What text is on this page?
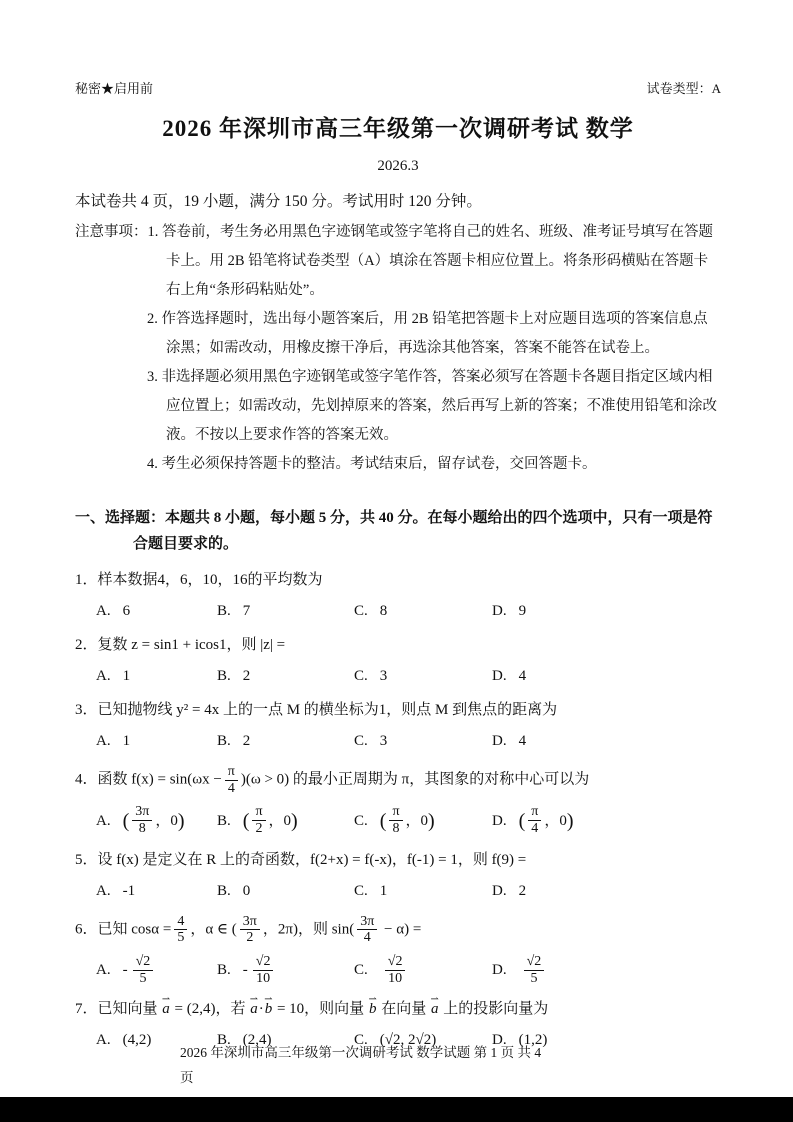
秘密★启用前	试卷类型：A
2026 年深圳市高三年级第一次调研考试 数学
2026.3
本试卷共 4 页，19 小题，满分 150 分。考试用时 120 分钟。
注意事项：1. 答卷前，考生务必用黑色字迹钢笔或签字笔将自己的姓名、班级、准考证号填写在答题卡上。用 2B 铅笔将试卷类型（A）填涂在答题卡相应位置上。将条形码横贴在答题卡右上角“条形码粘贴处”。
2. 作答选择题时，选出每小题答案后，用 2B 铅笔把答题卡上对应题目选项的答案信息点涂黑；如需改动，用橡皮擦干净后，再选涂其他答案，答案不能答在试卷上。
3. 非选择题必须用黑色字迹钢笔或签字笔作答，答案必须写在答题卡各题目指定区域内相应位置上；如需改动，先划掉原来的答案，然后再写上新的答案；不准使用铅笔和涂改液。不按以上要求作答的答案无效。
4. 考生必须保持答题卡的整洁。考试结束后，留存试卷，交回答题卡。
一、选择题：本题共 8 小题，每小题 5 分，共 40 分。在每小题给出的四个选项中，只有一项是符合题目要求的。
1．样本数据4，6，10，16的平均数为
A. 6	B. 7	C. 8	D. 9
2．复数 z = sin1 + icos1，则 |z| =
A. 1	B. 2	C. 3	D. 4
3．已知抛物线 y² = 4x 上的一点 M 的横坐标为1，则点 M 到焦点的距离为
A. 1	B. 2	C. 3	D. 4
4．函数 $f(x) = \sin(\omega x - \frac{\pi}{4} )(\omega > 0)$ 的最小正周期为 π，其图象的对称中心可以为
A. ( $\frac{3\pi}{8}$ ，0 ) B. ( $\frac{\pi}{2}$ ，0 )	C. ( $\frac{\pi}{8}$ ，0 )	D. ( $\frac{\pi}{4}$ ，0 )
5．设 f(x) 是定义在 R 上的奇函数，f(2+x) = f(-x)，f(-1) = 1，则 f(9) =
A. -1	B. 0	C. 1	D. 2
6．已知 $\cos\alpha = \frac{4}{5}$ ，α ∈ ( $\frac{3\pi}{2}$ ，2π)，则 $\sin( \frac{3\pi}{4} - \alpha)$ =
A. - $\frac{√2}{5}$	B. - $\frac{√2}{10}$	C. $\frac{√2}{10}$	D. $\frac{√2}{5}$
7．已知向量 ⇀ a = (2,4)，若 ⇀ a·⇀ b = 10，则向量 ⇀ b 在向量 ⇀ a 上的投影向量为
A. (4,2)	B. (2,4)	C. (√2, 2√2)	D. (1,2)
2026 年深圳市高三年级第一次调研考试 数学试题 第 1 页 共 4
页
